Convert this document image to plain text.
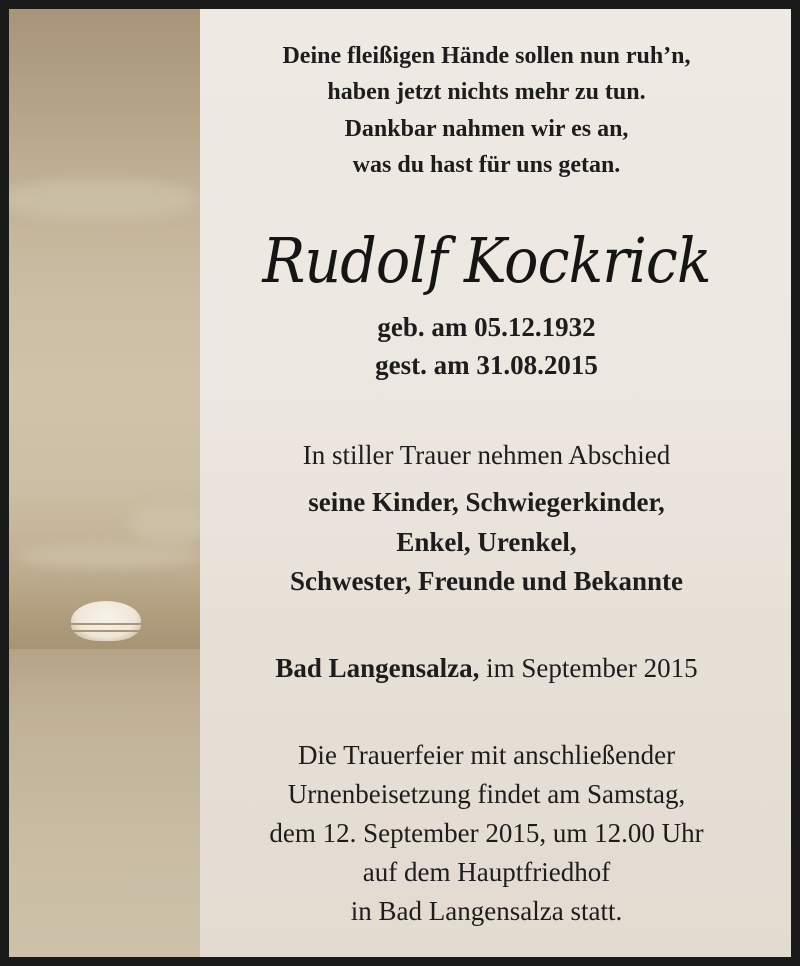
Deine fleißigen Hände sollen nun ruh’n,
haben jetzt nichts mehr zu tun.
Dankbar nahmen wir es an,
was du hast für uns getan.
Rudolf Kockrick
geb. am 05.12.1932
gest. am 31.08.2015
In stiller Trauer nehmen Abschied
seine Kinder, Schwiegerkinder,
Enkel, Urenkel,
Schwester, Freunde und Bekannte
Bad Langensalza, im September 2015
Die Trauerfeier mit anschließender
Urnenbeisetzung findet am Samstag,
dem 12. September 2015, um 12.00 Uhr
auf dem Hauptfriedhof
in Bad Langensalza statt.
